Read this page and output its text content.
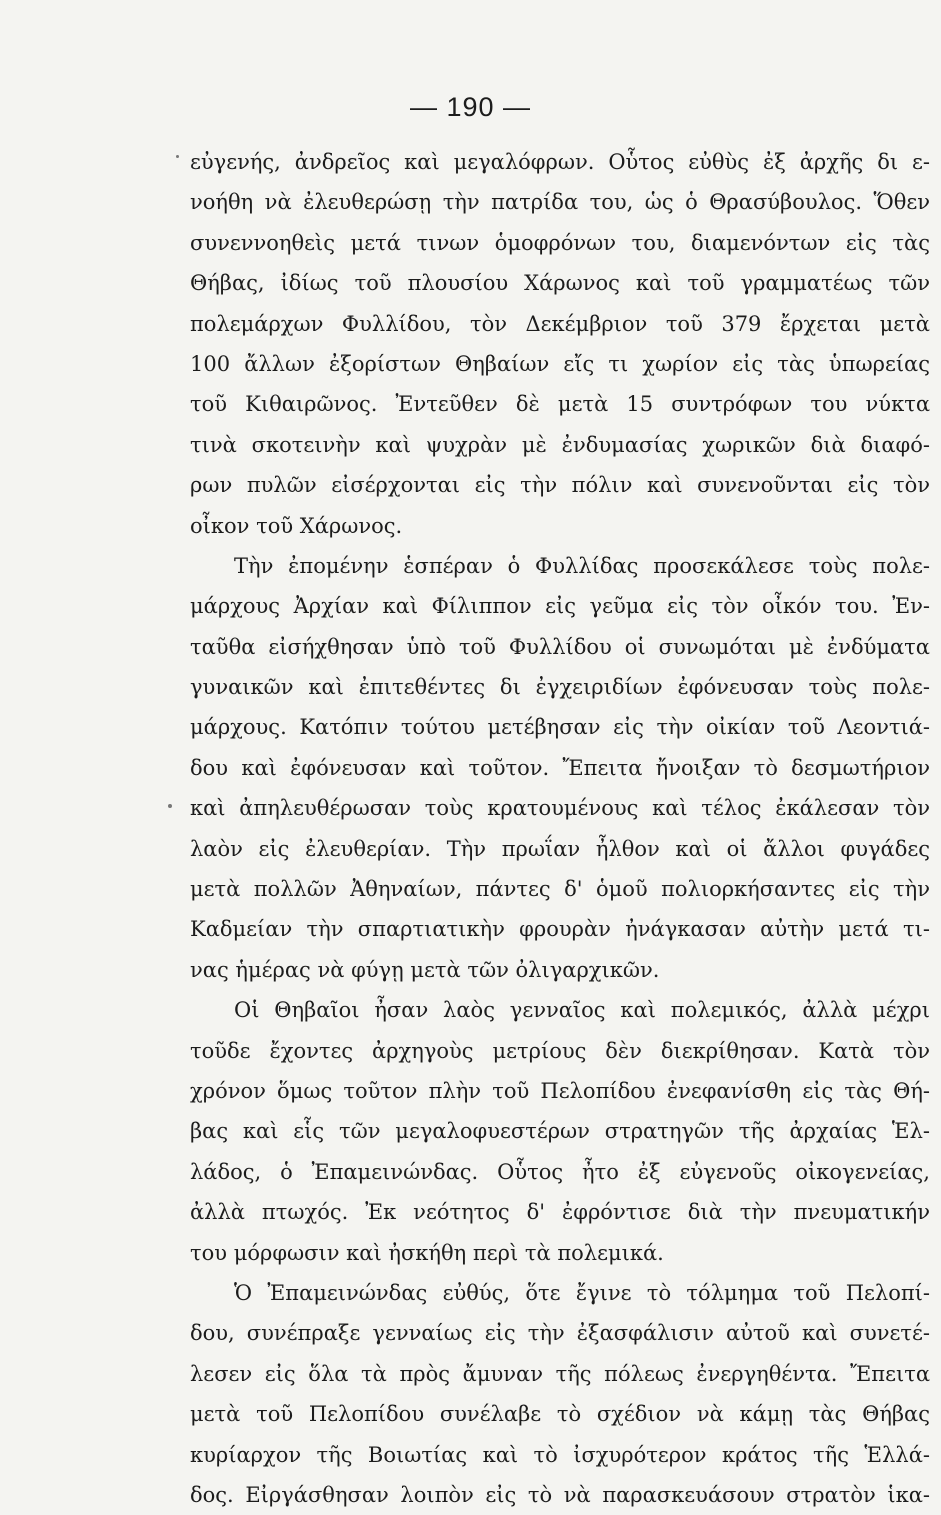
— 190 —
εὐγενής, ἀνδρεῖος καὶ μεγαλόφρων. Οὗτος εὐθὺς ἐξ ἀρχῆς δι ε-
νοήθη νὰ ἐλευθερώσῃ τὴν πατρίδα του, ὡς ὁ Θρασύβουλος. Ὅθεν
συνεννοηθεὶς μετά τινων ὁμοφρόνων του, διαμενόντων εἰς τὰς
Θήβας, ἰδίως τοῦ πλουσίου Χάρωνος καὶ τοῦ γραμματέως τῶν
πολεμάρχων Φυλλίδου, τὸν Δεκέμβριον τοῦ 379 ἔρχεται μετὰ
100 ἄλλων ἐξορίστων Θηβαίων εἴς τι χωρίον εἰς τὰς ὑπωρείας
τοῦ Κιθαιρῶνος. Ἐντεῦθεν δὲ μετὰ 15 συντρόφων του νύκτα
τινὰ σκοτεινὴν καὶ ψυχρὰν μὲ ἐνδυμασίας χωρικῶν διὰ διαφό-
ρων πυλῶν εἰσέρχονται εἰς τὴν πόλιν καὶ συνενοῦνται εἰς τὸν
οἶκον τοῦ Χάρωνος.
Τὴν ἐπομένην ἑσπέραν ὁ Φυλλίδας προσεκάλεσε τοὺς πολε-
μάρχους Ἀρχίαν καὶ Φίλιππον εἰς γεῦμα εἰς τὸν οἶκόν του. Ἐν-
ταῦθα εἰσήχθησαν ὑπὸ τοῦ Φυλλίδου οἱ συνωμόται μὲ ἐνδύματα
γυναικῶν καὶ ἐπιτεθέντες δι ἐγχειριδίων ἐφόνευσαν τοὺς πολε-
μάρχους. Κατόπιν τούτου μετέβησαν εἰς τὴν οἰκίαν τοῦ Λεοντιά-
δου καὶ ἐφόνευσαν καὶ τοῦτον. Ἔπειτα ἤνοιξαν τὸ δεσμωτήριον
καὶ ἀπηλευθέρωσαν τοὺς κρατουμένους καὶ τέλος ἐκάλεσαν τὸν
λαὸν εἰς ἐλευθερίαν. Τὴν πρωΐαν ἦλθον καὶ οἱ ἄλλοι φυγάδες
μετὰ πολλῶν Ἀθηναίων, πάντες δ' ὁμοῦ πολιορκήσαντες εἰς τὴν
Καδμείαν τὴν σπαρτιατικὴν φρουρὰν ἠνάγκασαν αὐτὴν μετά τι-
νας ἡμέρας νὰ φύγῃ μετὰ τῶν ὀλιγαρχικῶν.
Οἱ Θηβαῖοι ἦσαν λαὸς γενναῖος καὶ πολεμικός, ἀλλὰ μέχρι
τοῦδε ἔχοντες ἀρχηγοὺς μετρίους δὲν διεκρίθησαν. Κατὰ τὸν
χρόνον ὅμως τοῦτον πλὴν τοῦ Πελοπίδου ἐνεφανίσθη εἰς τὰς Θή-
βας καὶ εἷς τῶν μεγαλοφυεστέρων στρατηγῶν τῆς ἀρχαίας Ἑλ-
λάδος, ὁ Ἐπαμεινώνδας. Οὗτος ἦτο ἐξ εὐγενοῦς οἰκογενείας,
ἀλλὰ πτωχός. Ἐκ νεότητος δ' ἐφρόντισε διὰ τὴν πνευματικήν
του μόρφωσιν καὶ ἠσκήθη περὶ τὰ πολεμικά.
Ὁ Ἐπαμεινώνδας εὐθύς, ὅτε ἔγινε τὸ τόλμημα τοῦ Πελοπί-
δου, συνέπραξε γενναίως εἰς τὴν ἐξασφάλισιν αὐτοῦ καὶ συνετέ-
λεσεν εἰς ὅλα τὰ πρὸς ἄμυναν τῆς πόλεως ἐνεργηθέντα. Ἔπειτα
μετὰ τοῦ Πελοπίδου συνέλαβε τὸ σχέδιον νὰ κάμῃ τὰς Θήβας
κυρίαρχον τῆς Βοιωτίας καὶ τὸ ἰσχυρότερον κράτος τῆς Ἑλλά-
δος. Εἰργάσθησαν λοιπὸν εἰς τὸ νὰ παρασκευάσουν στρατὸν ἱκα-
